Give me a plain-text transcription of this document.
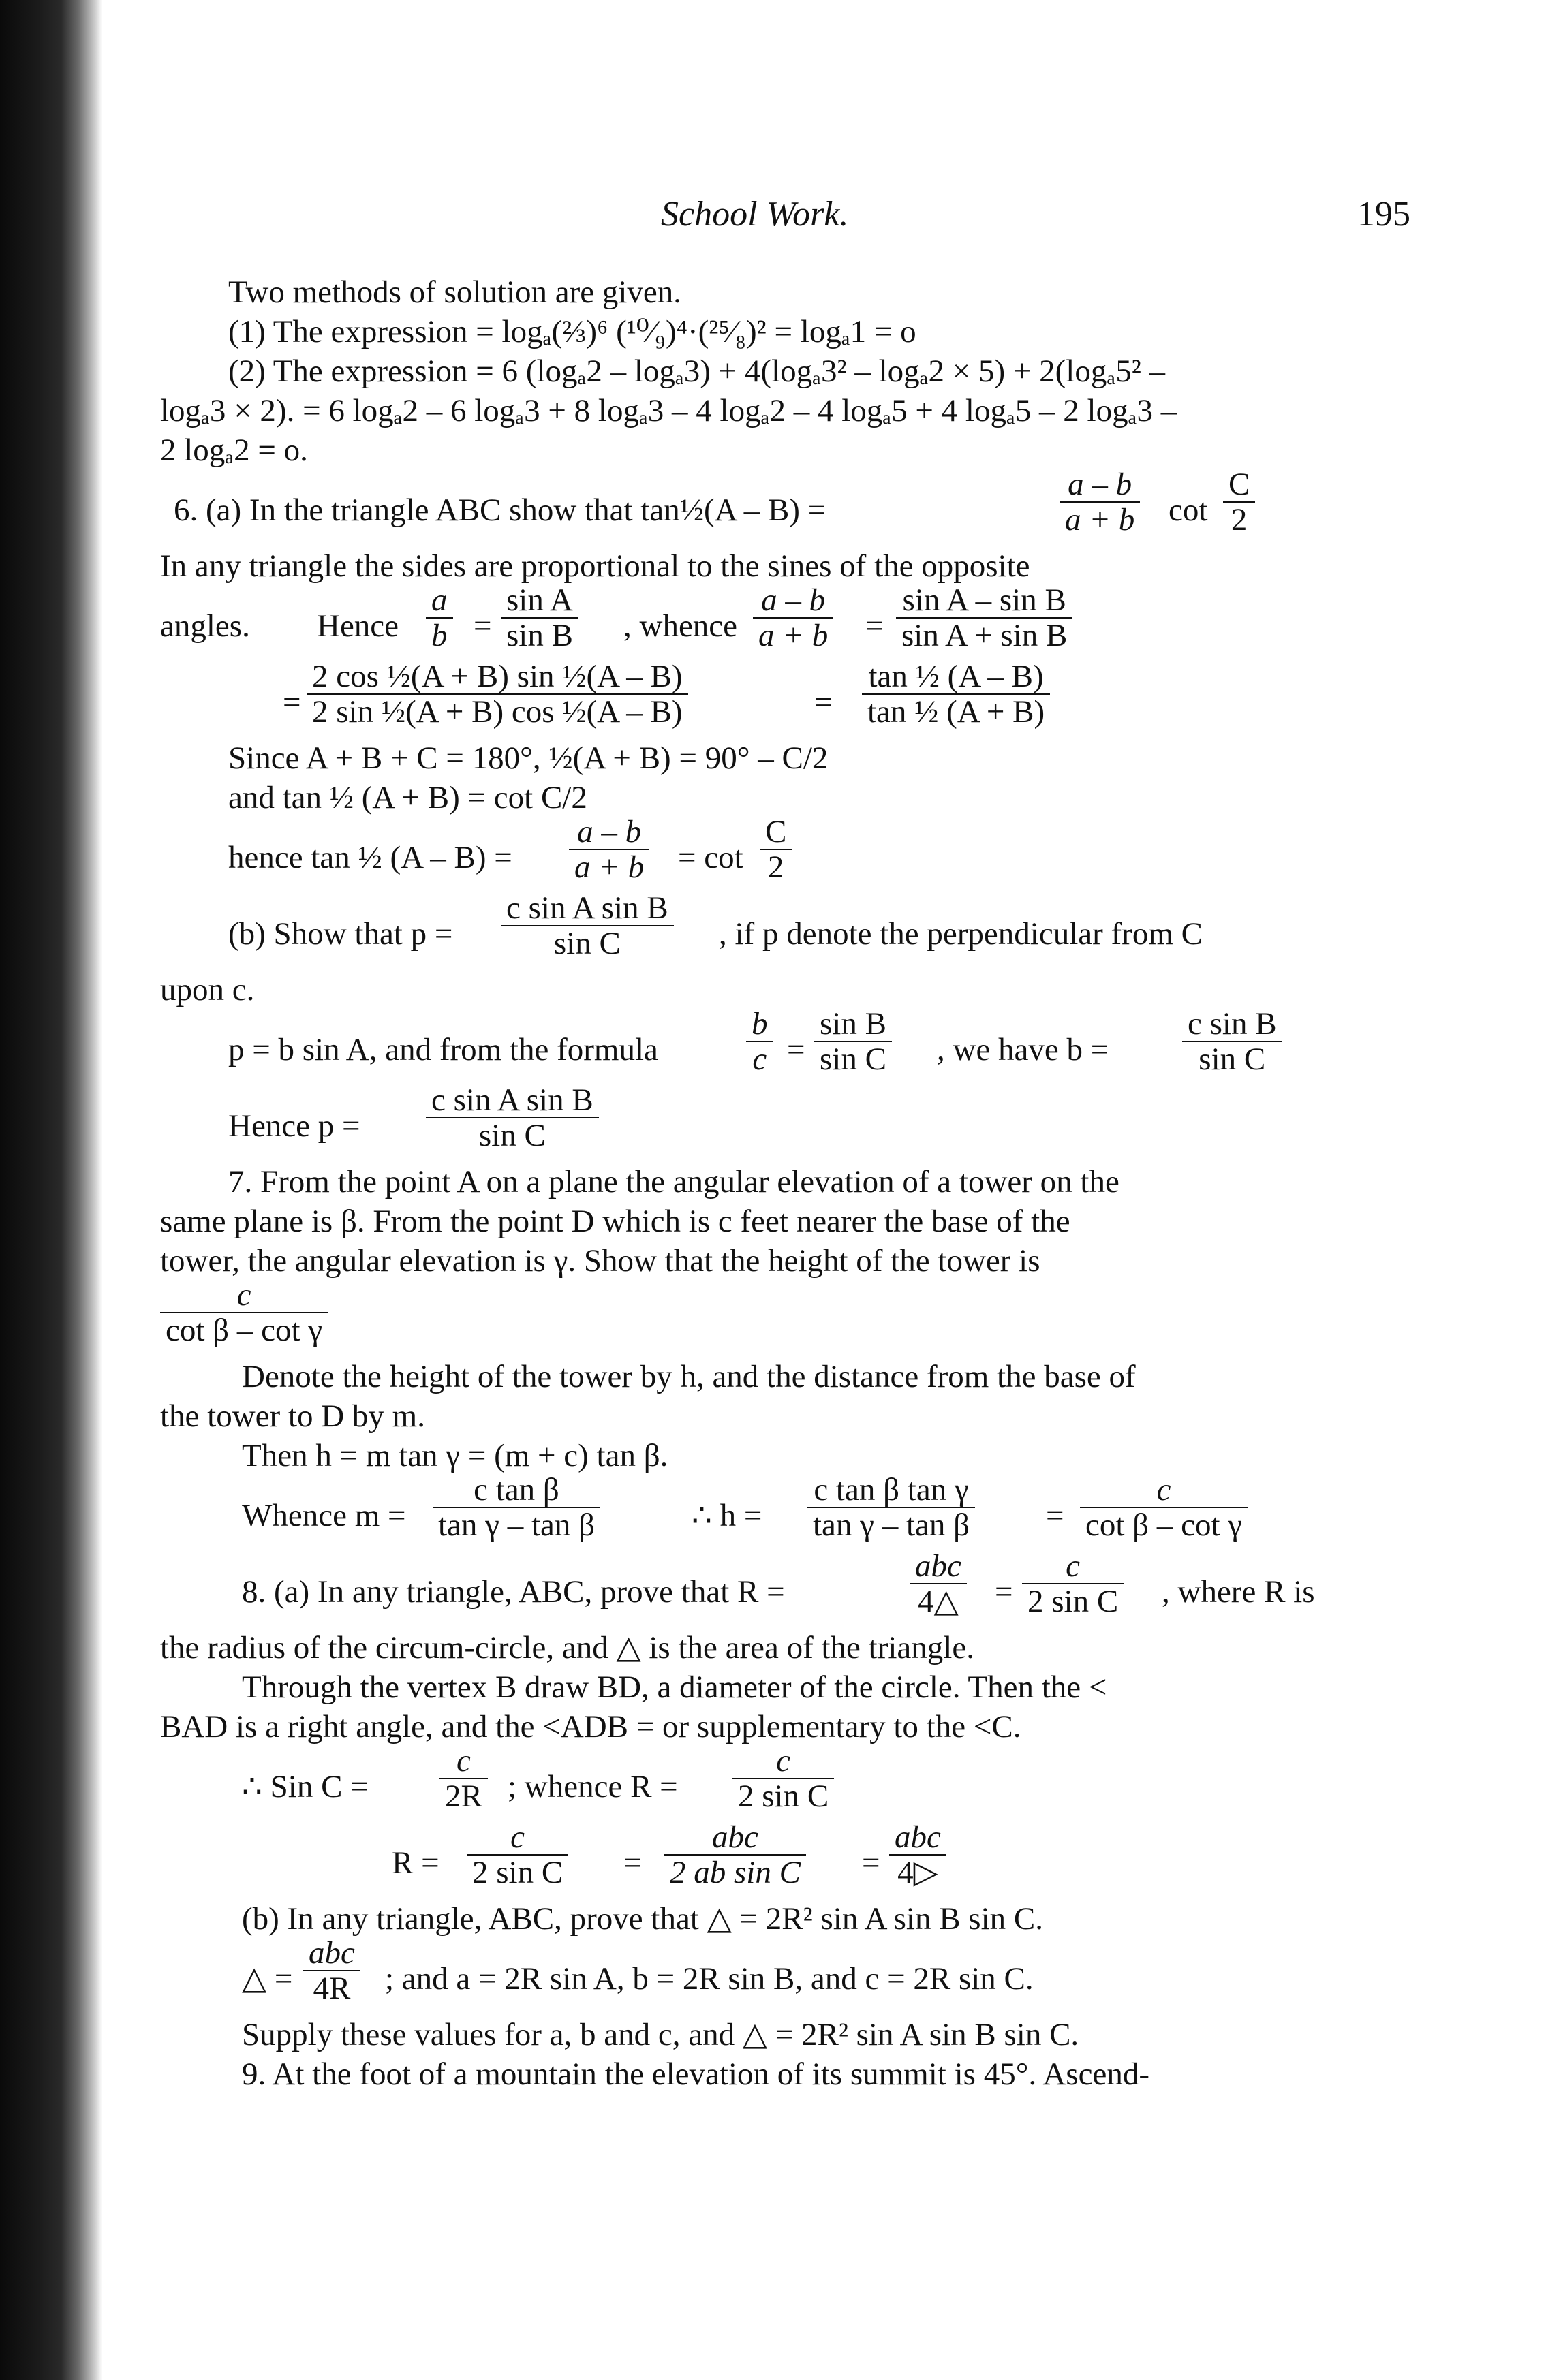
School Work.	195
Two methods of solution are given.
(1) The expression = logₐ(⅔)⁶ (¹⁰⁄₉)⁴·(²⁵⁄₈)² = logₐ1 = o
(2) The expression = 6 (logₐ2 – logₐ3) + 4(logₐ3² – logₐ2 × 5) + 2(logₐ5² –
logₐ3 × 2). = 6 logₐ2 – 6 logₐ3 + 8 logₐ3 – 4 logₐ2 – 4 logₐ5 + 4 logₐ5 – 2 logₐ3 –
2 logₐ2 = o.
6. (a) In the triangle ABC show that tan½(A – B) =	$\frac{a - b}{a + b}$ $\cot \frac{C}{2}$
In any triangle the sides are proportional to the sines of the opposite
angles. Hence $\frac{a}{b} = \frac{\text{sin A}}{\text{sin B}}$ , whence $\frac{a - b}{a + b} = \frac{\text{sin A – sin B}}{\text{sin A + sin B}}$
= $\frac{\text{2 cos ½(A + B) sin ½(A – B)}}{\text{2 sin ½(A + B) cos ½(A – B)}}$	= $\frac{\text{tan ½ (A – B)}}{\text{tan ½ (A + B)}}$
Since A + B + C = 180°, ½(A + B) = 90° – C/2
and tan ½ (A + B) = cot C/2
hence tan ½ $(A - B) = \frac{a - b}{a + b} = \cot \frac{C}{2}$
(b) Show that $p = \frac{\text{c sin A sin B}}{\text{sin C}}$ , if p denote the perpendicular from C
upon c.
p = b sin A, and from the formula	$\frac{b}{c} = \frac{\text{sin B}}{\text{sin C}}$ , we have $b = \frac{\text{c sin B}}{\text{sin C}}$
Hence $p = \frac{\text{c sin A sin B}}{\text{sin C}}$
7. From the point A on a plane the angular elevation of a tower on the
same plane is β. From the point D which is c feet nearer the base of the
tower, the angular elevation is γ. Show that the height of the tower is
$\frac{c}{\text{cot β – cot γ}}$
Denote the height of the tower by h, and the distance from the base of
the tower to D by m.
Then h = m tan γ = (m + c) tan β.
Whence $m = \frac{\text{c tan β}}{\text{tan γ – tan β}}$	∴ $h = \frac{\text{c tan β tan γ}}{\text{tan γ – tan β}} = \frac{c}{\text{cot β – cot γ}}$
8. (a) In any triangle, ABC, prove that R =	$\frac{\text{abc}}{4\triangle} = \frac{c}{\text{2 sin C}}$ , where R is
the radius of the circum-circle, and △ is the area of the triangle.
Through the vertex B draw BD, a diameter of the circle. Then the <
BAD is a right angle, and the <ADB = or supplementary to the <C.
∴ Sin $C = \frac{c}{2R}$ ; whence $R = \frac{c}{\text{2 sin C}}$
$R = \frac{c}{\text{2 sin C}} = \frac{\text{abc}}{\text{2 ab sin C}} = \frac{\text{abc}}{4▷}$
(b) In any triangle, ABC, prove that △ = 2R² sin A sin B sin C.
△ = $\frac{\text{abc}}{4R}$ ; and a = 2R sin A, b = 2R sin B, and c = 2R sin C.
Supply these values for a, b and c, and △ = 2R² sin A sin B sin C.
9. At the foot of a mountain the elevation of its summit is 45°. Ascend-
